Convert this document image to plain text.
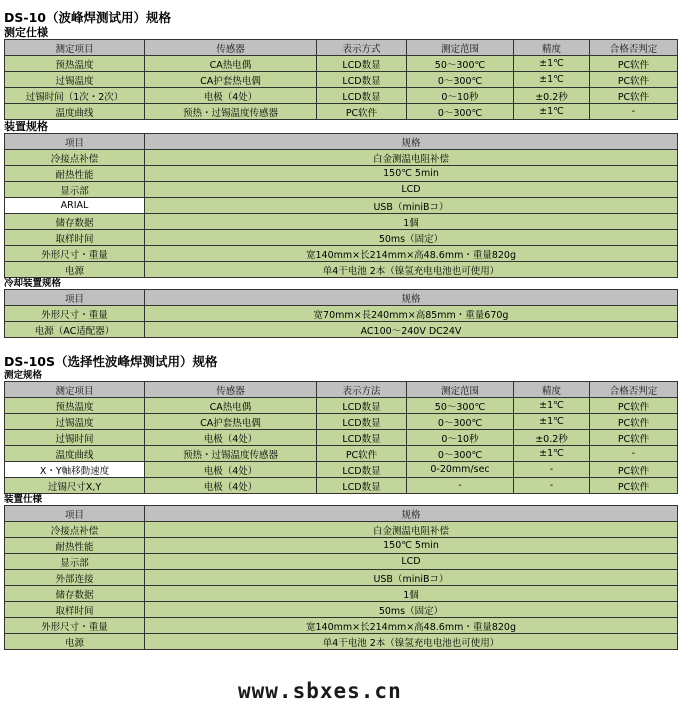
DS-10（波峰焊测试用）规格
测定仕様
测定项目	传感器	表示方式	测定范围	精度	合格否判定
预热温度	CA热电偶	LCD数显	50～300℃	±1℃	PC软件
过锡温度	CA护套热电偶	LCD数显	0～300℃	±1℃	PC软件
过锡时间（1次・2次）	电极（4处）	LCD数显	0～10秒	±0.2秒	PC软件
温度曲线	预热・过锡温度传感器	PC软件	0～300℃	±1℃	-
装置规格
项目	规格
冷接点补偿	白金测温电阻补偿
耐热性能	150℃ 5min
显示部	LCD
ARIAL	USB（miniBコ）
储存数据	1個
取样时间	50ms（固定）
外形尺寸・重量	宽140mm×长214mm×高48.6mm・重量820g
电源	单4干电池 2本（镍氢充电电池也可使用）
冷却装置规格
项目	规格
外形尺寸・重量	宽70mm×長240mm×高85mm・重量670g
电源（AC适配器）	AC100～240V DC24V
DS-10S（选择性波峰焊测试用）规格
测定规格
测定项目	传感器	表示方法	测定范围	精度	合格否判定
预热温度	CA热电偶	LCD数显	50～300℃	±1℃	PC软件
过锡温度	CA护套热电偶	LCD数显	0～300℃	±1℃	PC软件
过锡时间	电极（4处）	LCD数显	0～10秒	±0.2秒	PC软件
温度曲线	预热・过锡温度传感器	PC软件	0～300℃	±1℃	-
X・Y軸移動速度	电极（4处）	LCD数显	0-20mm/sec	-	PC软件
过锡尺寸X,Y	电极（4处）	LCD数显	-	-	PC软件
装置仕様
项目	规格
冷接点补偿	白金测温电阻补偿
耐热性能	150℃ 5min
显示部	LCD
外部连接	USB（miniBコ）
储存数据	1個
取样时间	50ms（固定）
外形尺寸・重量	宽140mm×长214mm×高48.6mm・重量820g
电源	单4干电池 2本（镍氢充电电池也可使用）
www.sbxes.cn
